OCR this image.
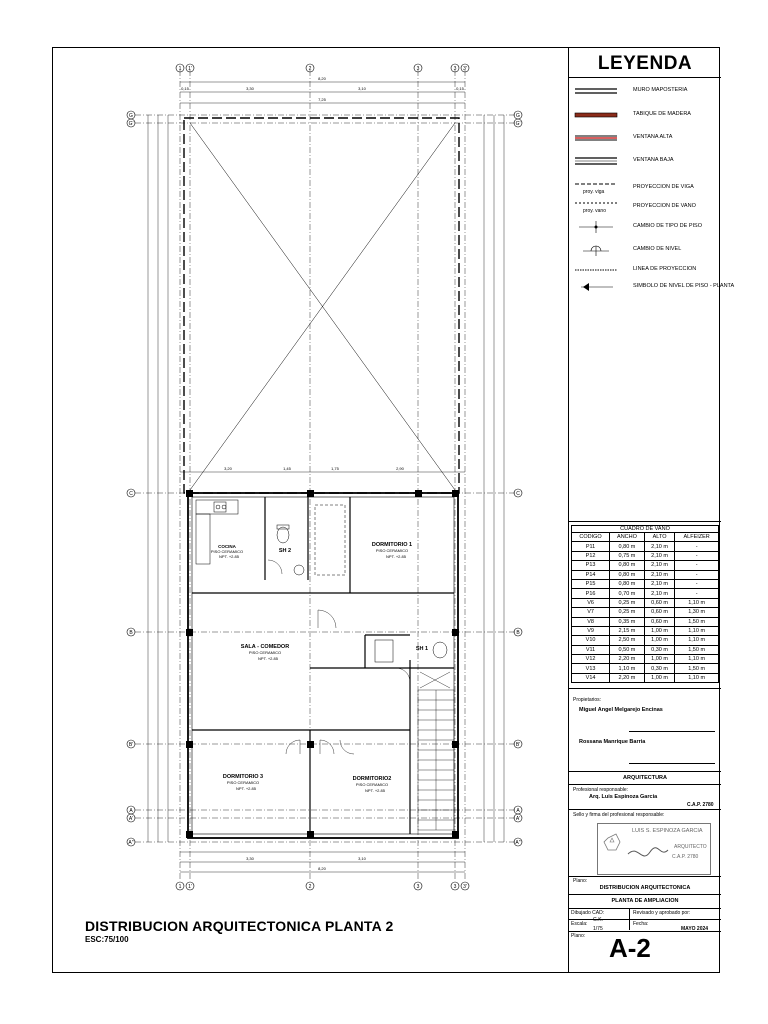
1 1'	2	3	3 3'
1 1'	2	3	3 3'
G
G'
C
B
B'
A
A'
A''
G
G'
C
B
B'
A
A'
A''
8,20
3,30	3,10
0,15	0,15
7,25
3,20	1,45	1,75	2,90
3,30	3,10
8,20
DORMITORIO 1
PISO CERAMICO
NPT. +2.85
SALA - COMEDOR
PISO CERAMICO
NPT. +2.85
COCINA
PISO CERAMICO
NPT. +2.85
SH 2
SH 1
DORMITORIO 3
PISO CERAMICO
NPT. +2.85
DORMITORIO2
PISO CERAMICO
NPT. +2.85
DISTRIBUCION ARQUITECTONICA PLANTA 2
ESC:75/100
LEYENDA
MURO MAPOSTERIA
TABIQUE DE MADERA
VENTANA ALTA
VENTANA BAJA
proy. viga
PROYECCION DE VIGA
proy. vano
PROYECCION DE VANO
CAMBIO DE TIPO DE PISO
CAMBIO DE NIVEL
LINEA DE PROYECCION
SIMBOLO DE NIVEL DE PISO - PLANTA
CUADRO DE VANO
CODIGO	ANCHO	ALTO	ALFEIZER
P11	0,80 m	2,10 m	-
P12	0,75 m	2,10 m	-
P13	0,80 m	2,10 m	-
P14	0,80 m	2,10 m	-
P15	0,80 m	2,10 m	-
P16	0,70 m	2,10 m	-
V6	0,25 m	0,60 m	1,10 m
V7	0,25 m	0,60 m	1,30 m
V8	0,35 m	0,60 m	1,50 m
V9	2,15 m	1,00 m	1,10 m
V10	2,50 m	1,00 m	1,10 m
V11	0,50 m	0,30 m	1,50 m
V12	2,20 m	1,00 m	1,10 m
V13	1,10 m	0,30 m	1,50 m
V14	2,20 m	1,00 m	1,10 m
Propietarios:
Miguel Angel Melgarejo Encinas
Rossana Manrique Barria
ARQUITECTURA
Profesional responsable:
Arq. Luis Espinoza Garcia
C.A.P. 2780
Sello y firma del profesional responsable:
LUIS S. ESPINOZA GARCIA
ARQUITECTO
C.A.P. 2780
Plano:
DISTRIBUCION ARQUITECTONICA
PLANTA DE AMPLIACION
Dibujado CAD:
G.K.
Revisado y aprobado por:
Escala:
1/75
Fecha:
MAYO 2024
Plano: A-2
